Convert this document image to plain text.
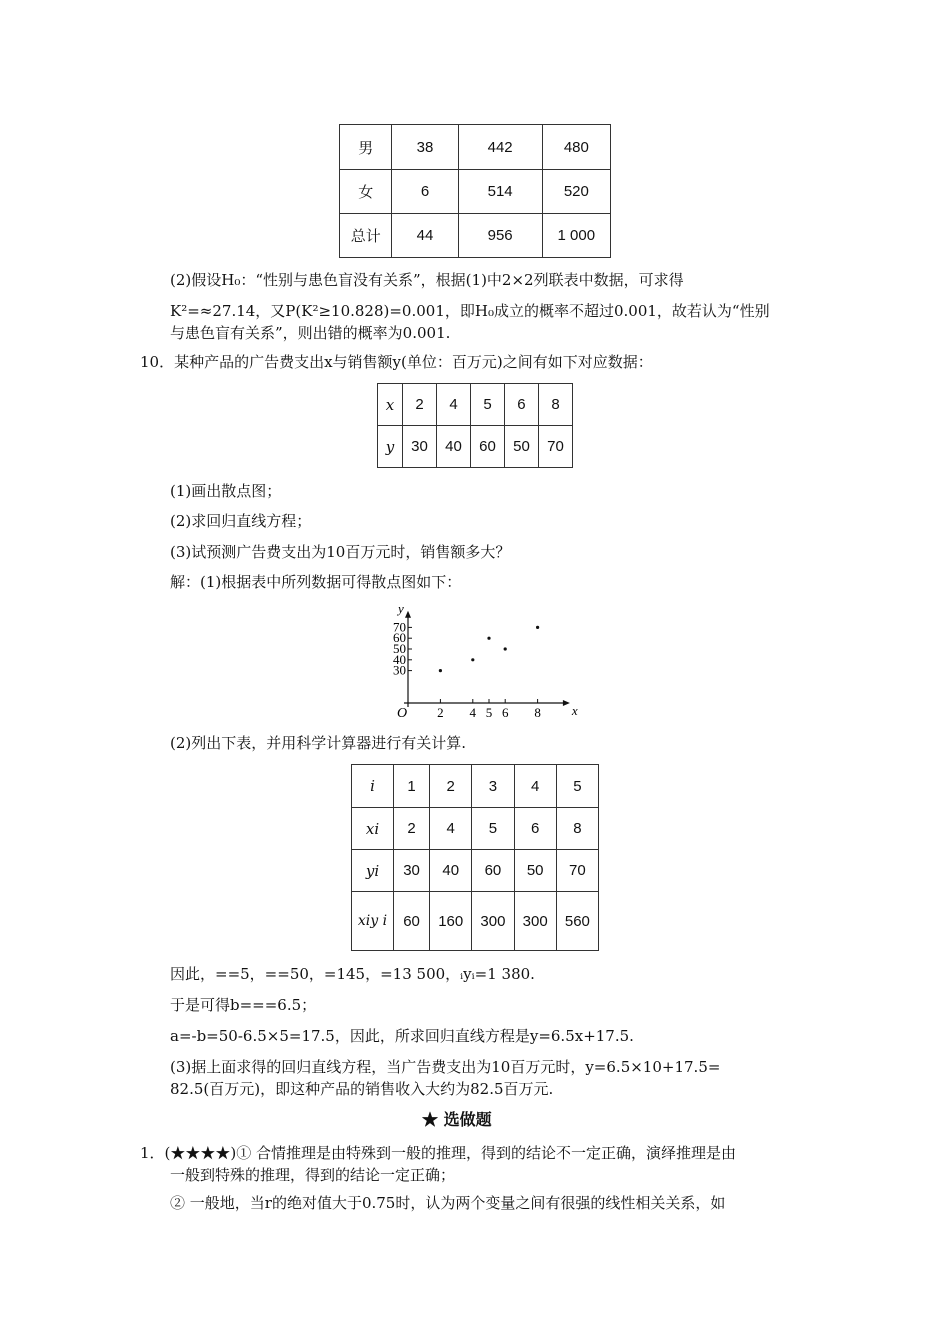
男	38	442	480
女	6	514	520
总计	44	956	1 000
(2)假设H₀：“性别与患色盲没有关系”，根据(1)中2×2列联表中数据，可求得
K²=≈27.14，又P(K²≥10.828)=0.001，即H₀成立的概率不超过0.001，故若认为“性别
与患色盲有关系”，则出错的概率为0.001.
10．某种产品的广告费支出x与销售额y(单位：百万元)之间有如下对应数据：
x	2	4	5	6	8
y	30	40	60	50	70
(1)画出散点图；
(2)求回归直线方程；
(3)试预测广告费支出为10百万元时，销售额多大？
解：(1)根据表中所列数据可得散点图如下：
x
y
O 2 4 5 6 8
30
40
50
60
70
(2)列出下表，并用科学计算器进行有关计算.
i	1	2	3	4	5
xi	2	4	5	6	8
yi	30	40	60	50	70
xiy i	60	160	300	300	560
因此，==5，==50，=145，=13 500，ᵢyᵢ=1 380.
于是可得b===6.5；
a=-b=50-6.5×5=17.5，因此，所求回归直线方程是y=6.5x+17.5.
(3)据上面求得的回归直线方程，当广告费支出为10百万元时，y=6.5×10+17.5=
82.5(百万元)，即这种产品的销售收入大约为82.5百万元.
★ 选做题
1．(★★★★)① 合情推理是由特殊到一般的推理，得到的结论不一定正确，演绎推理是由
一般到特殊的推理，得到的结论一定正确；
② 一般地，当r的绝对值大于0.75时，认为两个变量之间有很强的线性相关关系，如
